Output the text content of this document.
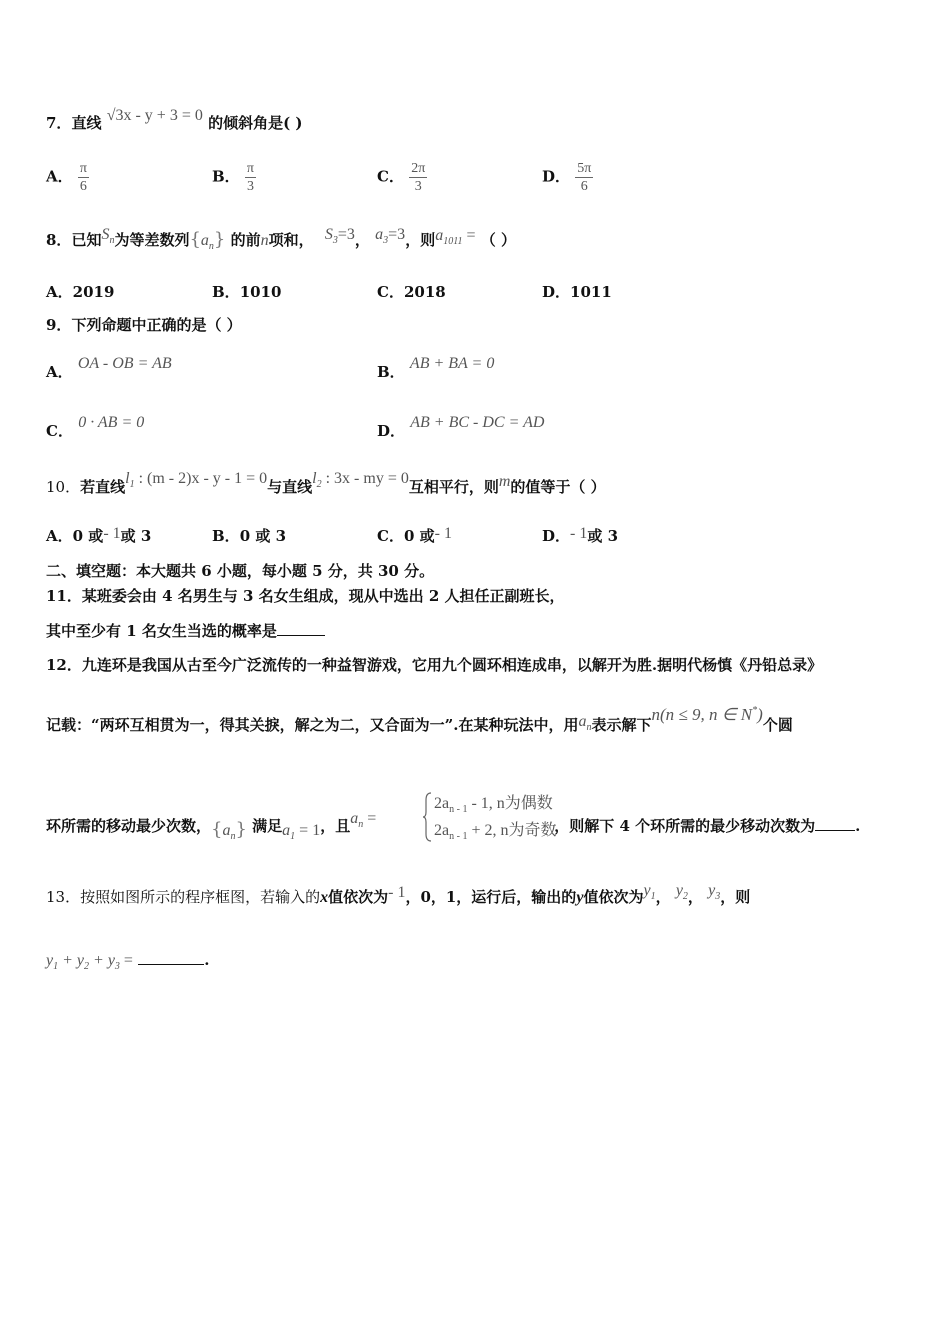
7．直线 √3x - y + 3 = 0 的倾斜角是( )
A． $\frac{\pi}{6}$	B． $\frac{\pi}{3}$	C． $\frac{2\pi}{3}$	D． $\frac{5\pi}{6}$
8．已知$S_n$为等差数列$\{a_n\}$ 的前n项和， $S_3=3$， $a_3=3$，则$a_{1011}$ = （ ）
A．2019	B．1010	C．2018	D．1011
9．下列命题中正确的是（ ）
A． OA - OB = AB	B． AB + BA = 0
C． 0 · AB = 0	D． AB + BC - DC = AD
10．若直线$l_1$ : (m - 2)x - y - 1 = 0与直线$l_2$ : 3x - my = 0互相平行，则m的值等于（ ）
A．0 或- 1或 3	B．0 或 3	C．0 或- 1	D．- 1或 3
二、填空题：本大题共 6 小题，每小题 5 分，共 30 分。
11．某班委会由 4 名男生与 3 名女生组成，现从中选出 2 人担任正副班长，
其中至少有 1 名女生当选的概率是
12．九连环是我国从古至今广泛流传的一种益智游戏，它用九个圆环相连成串，以解开为胜.据明代杨慎《丹铅总录》
记载：“两环互相贯为一，得其关捩，解之为二，又合面为一”.在某种玩法中，用$a_n$表示解下n(n ≤ 9, n ∈ N*)个圆
环所需的移动最少次数，$\{a_n\}$ 满足$a_1 = 1$，且$a_n$ =	，则解下 4 个环所需的最少移动次数为	.
$2a_{n - 1} - 1$, n为偶数
$2a_{n - 1} + 2$, n为奇数
13．按照如图所示的程序框图，若输入的x值依次为- 1，0，1，运行后，输出的y值依次为$y_1$， $y_2$， $y_3$，则
$y_1 + y_2 + y_3$ =	.
